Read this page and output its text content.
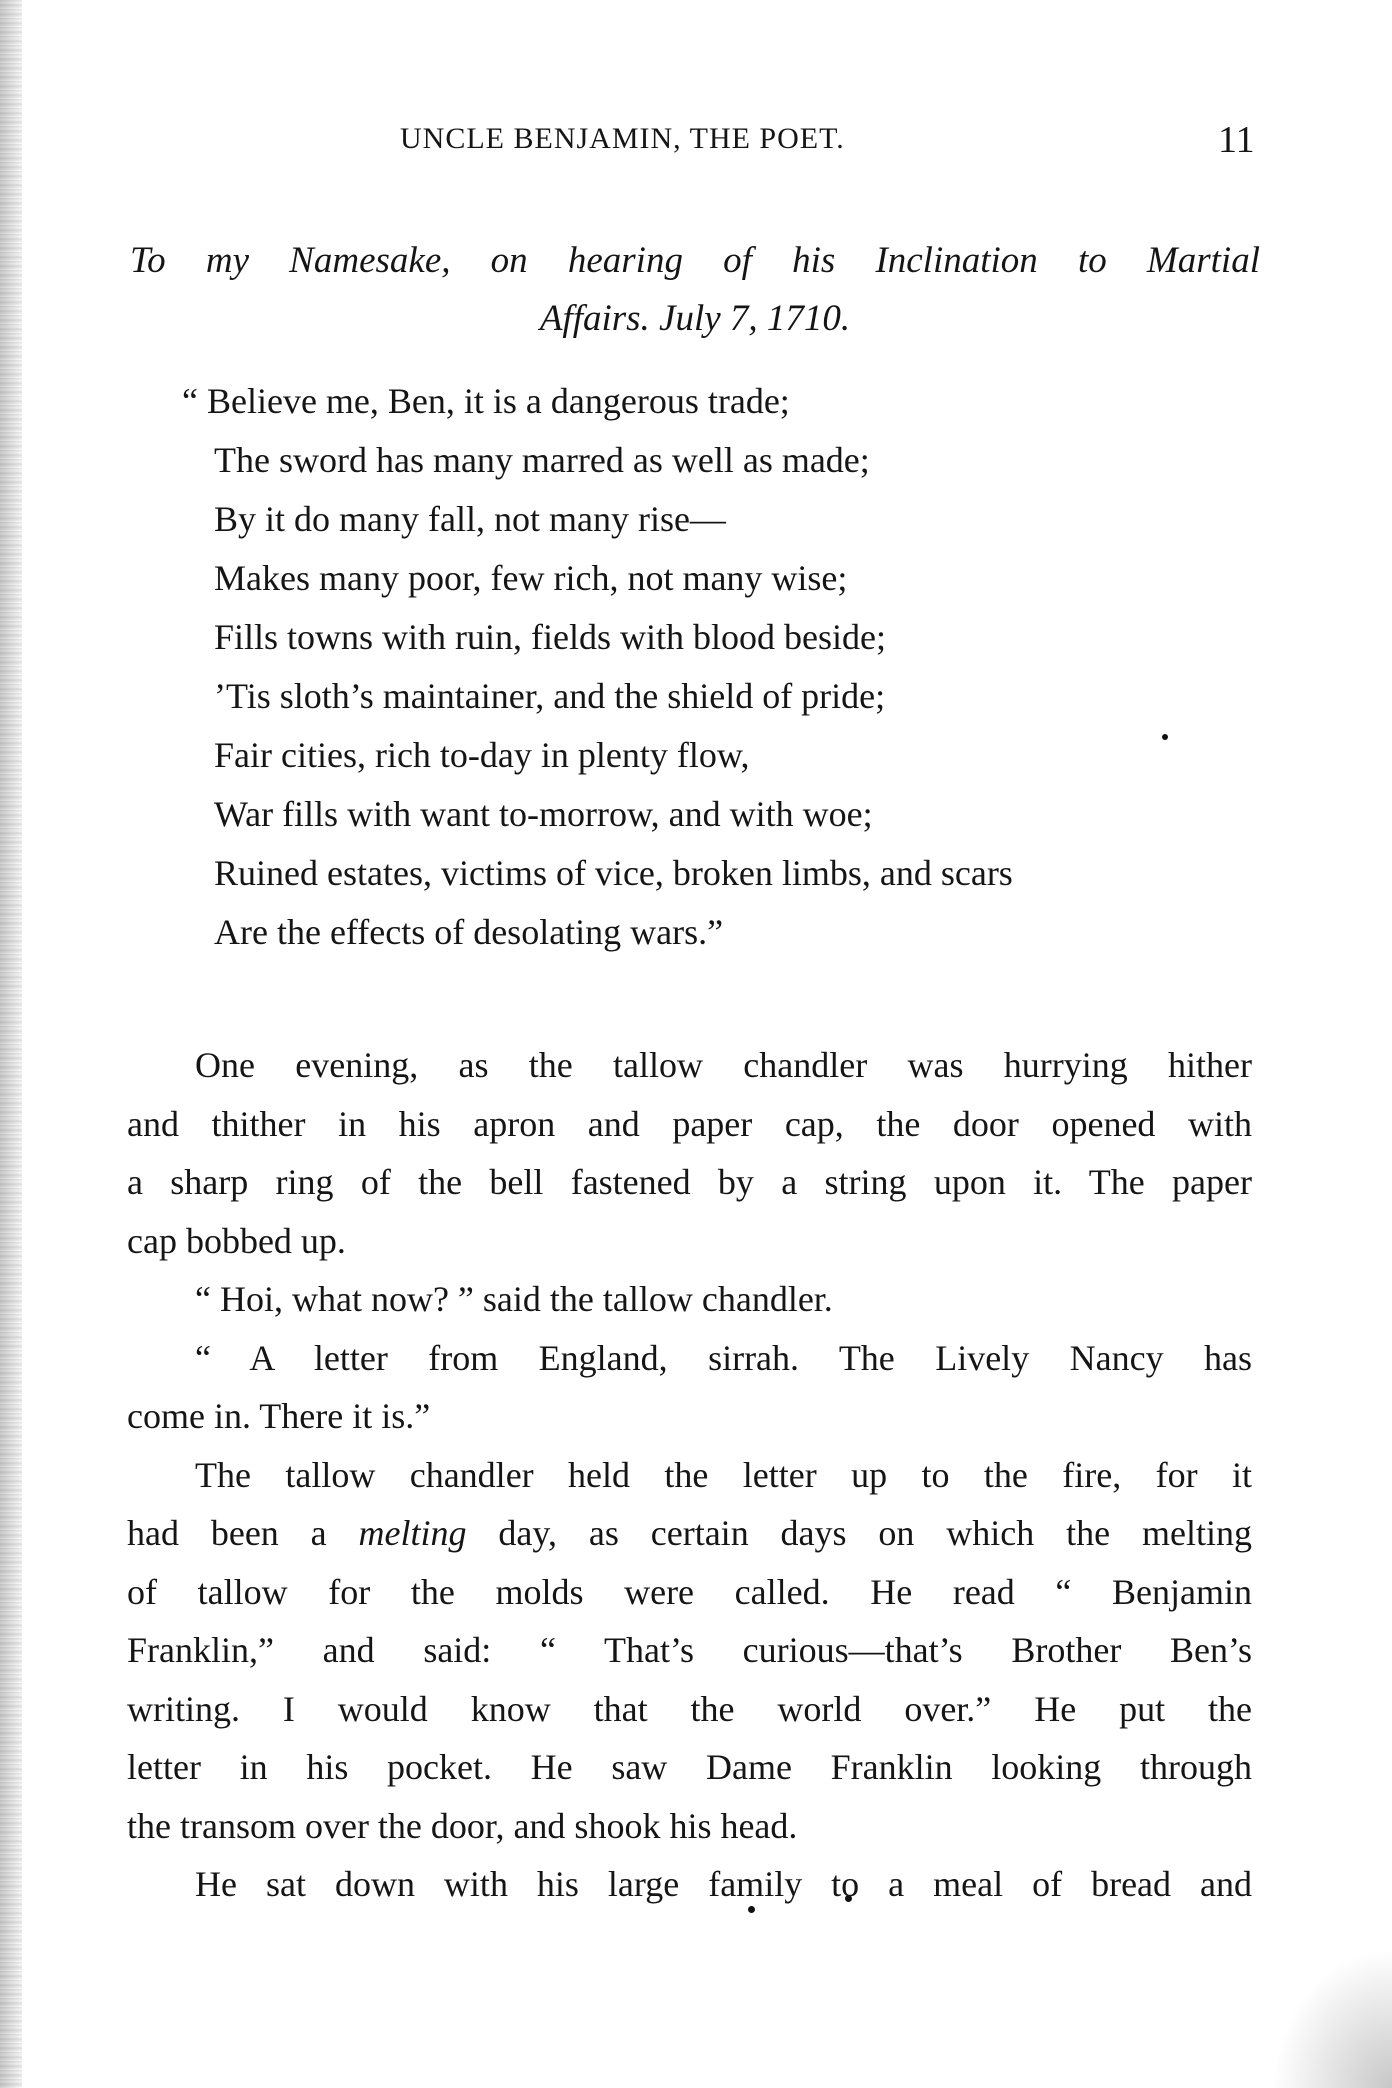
UNCLE BENJAMIN, THE POET.	11
To my Namesake, on hearing of his Inclination to Martial
Affairs. July 7, 1710.
“ Believe me, Ben, it is a dangerous trade;
The sword has many marred as well as made;
By it do many fall, not many rise—
Makes many poor, few rich, not many wise;
Fills towns with ruin, fields with blood beside;
’Tis sloth’s maintainer, and the shield of pride;
Fair cities, rich to-day in plenty flow,
War fills with want to-morrow, and with woe;
Ruined estates, victims of vice, broken limbs, and scars
Are the effects of desolating wars.”
One evening, as the tallow chandler was hurrying hither
and thither in his apron and paper cap, the door opened with
a sharp ring of the bell fastened by a string upon it. The paper
cap bobbed up.
“ Hoi, what now? ” said the tallow chandler.
“ A letter from England, sirrah. The Lively Nancy has
come in. There it is.”
The tallow chandler held the letter up to the fire, for it
had been a melting day, as certain days on which the melting
of tallow for the molds were called. He read “ Benjamin
Franklin,” and said: “ That’s curious—that’s Brother Ben’s
writing. I would know that the world over.” He put the
letter in his pocket. He saw Dame Franklin looking through
the transom over the door, and shook his head.
He sat down with his large family to a meal of bread and
